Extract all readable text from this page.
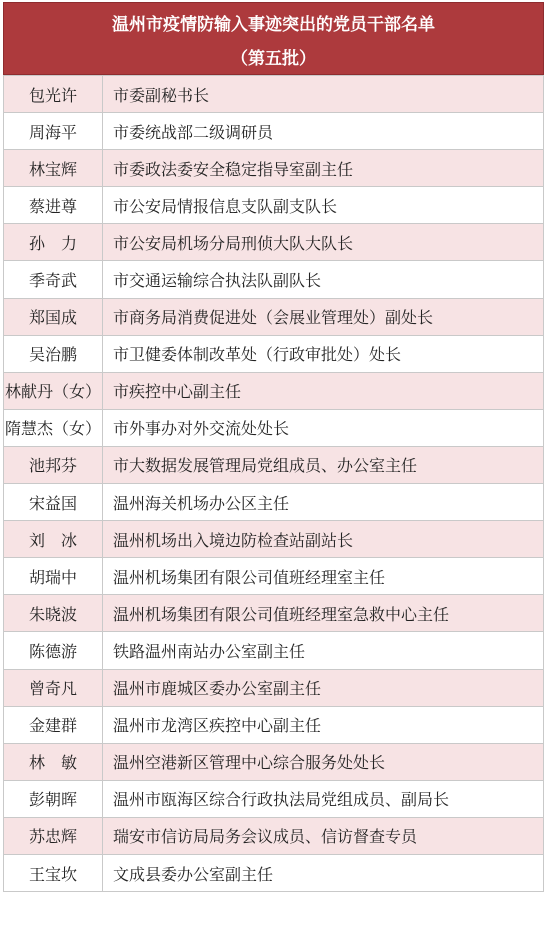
温州市疫情防输入事迹突出的党员干部名单
（第五批）
包光许	市委副秘书长
周海平	市委统战部二级调研员
林宝辉	市委政法委安全稳定指导室副主任
蔡进尊	市公安局情报信息支队副支队长
孙　力	市公安局机场分局刑侦大队大队长
季奇武	市交通运输综合执法队副队长
郑国成	市商务局消费促进处（会展业管理处）副处长
吴治鹏	市卫健委体制改革处（行政审批处）处长
林献丹（女）	市疾控中心副主任
隋慧杰（女）	市外事办对外交流处处长
池邦芬	市大数据发展管理局党组成员、办公室主任
宋益国	温州海关机场办公区主任
刘　冰	温州机场出入境边防检查站副站长
胡瑞中	温州机场集团有限公司值班经理室主任
朱晓波	温州机场集团有限公司值班经理室急救中心主任
陈德游	铁路温州南站办公室副主任
曾奇凡	温州市鹿城区委办公室副主任
金建群	温州市龙湾区疾控中心副主任
林　敏	温州空港新区管理中心综合服务处处长
彭朝晖	温州市瓯海区综合行政执法局党组成员、副局长
苏忠辉	瑞安市信访局局务会议成员、信访督查专员
王宝坎	文成县委办公室副主任
